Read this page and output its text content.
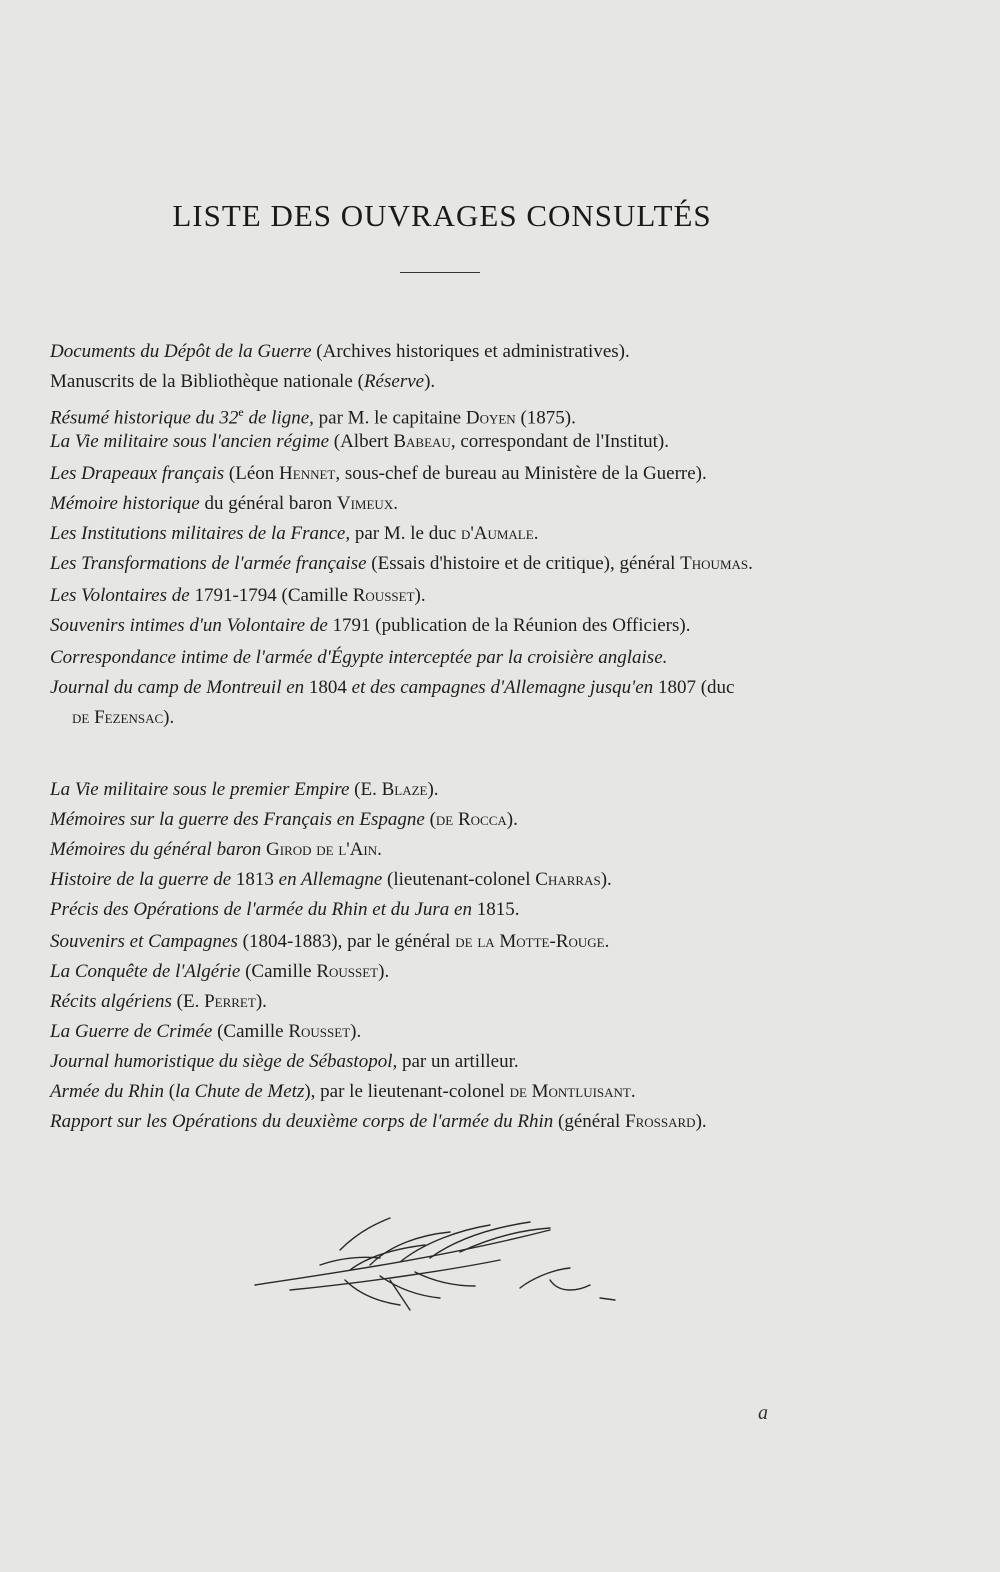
LISTE DES OUVRAGES CONSULTÉS
Documents du Dépôt de la Guerre (Archives historiques et administratives).
Manuscrits de la Bibliothèque nationale (Réserve).
Résumé historique du 32e de ligne, par M. le capitaine Doyen (1875).
La Vie militaire sous l'ancien régime (Albert Babeau, correspondant de l'Institut).
Les Drapeaux français (Léon Hennet, sous-chef de bureau au Ministère de la Guerre).
Mémoire historique du général baron Vimeux.
Les Institutions militaires de la France, par M. le duc d'Aumale.
Les Transformations de l'armée française (Essais d'histoire et de critique), général Thoumas.
Les Volontaires de 1791-1794 (Camille Rousset).
Souvenirs intimes d'un Volontaire de 1791 (publication de la Réunion des Officiers).
Correspondance intime de l'armée d'Égypte interceptée par la croisière anglaise.
Journal du camp de Montreuil en 1804 et des campagnes d'Allemagne jusqu'en 1807 (duc
de Fezensac).
La Vie militaire sous le premier Empire (E. Blaze).
Mémoires sur la guerre des Français en Espagne (de Rocca).
Mémoires du général baron Girod de l'Ain.
Histoire de la guerre de 1813 en Allemagne (lieutenant-colonel Charras).
Précis des Opérations de l'armée du Rhin et du Jura en 1815.
Souvenirs et Campagnes (1804-1883), par le général de la Motte-Rouge.
La Conquête de l'Algérie (Camille Rousset).
Récits algériens (E. Perret).
La Guerre de Crimée (Camille Rousset).
Journal humoristique du siège de Sébastopol, par un artilleur.
Armée du Rhin (la Chute de Metz), par le lieutenant-colonel de Montluisant.
Rapport sur les Opérations du deuxième corps de l'armée du Rhin (général Frossard).
a
